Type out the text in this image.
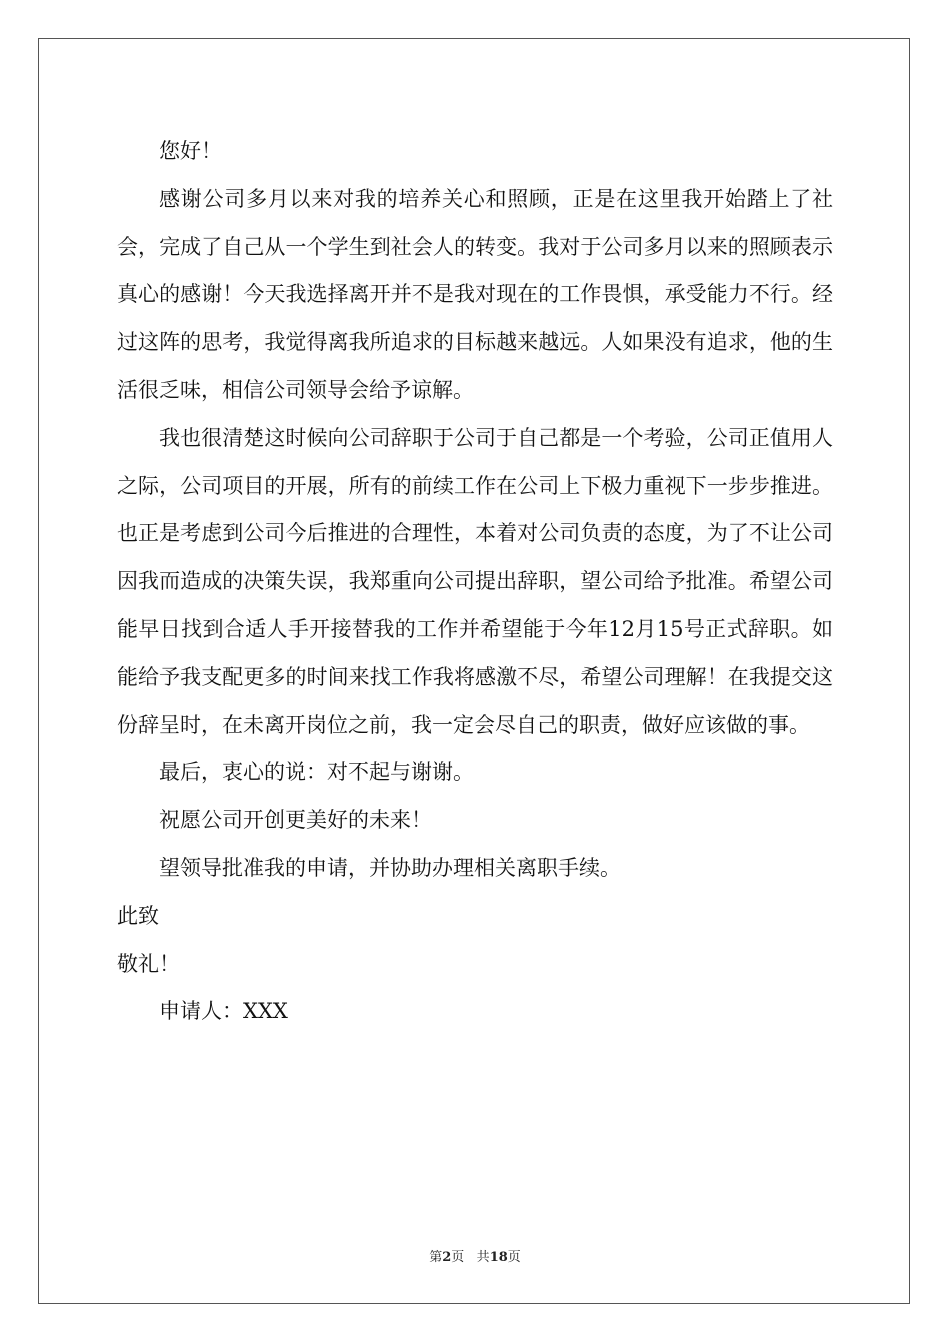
您好！

感谢公司多月以来对我的培养关心和照顾，正是在这里我开始踏上了社会，完成了自己从一个学生到社会人的转变。我对于公司多月以来的照顾表示真心的感谢！今天我选择离开并不是我对现在的工作畏惧，承受能力不行。经过这阵的思考，我觉得离我所追求的目标越来越远。人如果没有追求，他的生活很乏味，相信公司领导会给予谅解。

我也很清楚这时候向公司辞职于公司于自己都是一个考验，公司正值用人之际，公司项目的开展，所有的前续工作在公司上下极力重视下一步步推进。也正是考虑到公司今后推进的合理性，本着对公司负责的态度，为了不让公司因我而造成的决策失误，我郑重向公司提出辞职，望公司给予批准。希望公司能早日找到合适人手开接替我的工作并希望能于今年12月15号正式辞职。如能给予我支配更多的时间来找工作我将感激不尽，希望公司理解！在我提交这份辞呈时，在未离开岗位之前，我一定会尽自己的职责，做好应该做的事。

最后，衷心的说：对不起与谢谢。

祝愿公司开创更美好的未来！

望领导批准我的申请，并协助办理相关离职手续。

此致

敬礼！

申请人：XXX

第2页 共18页
